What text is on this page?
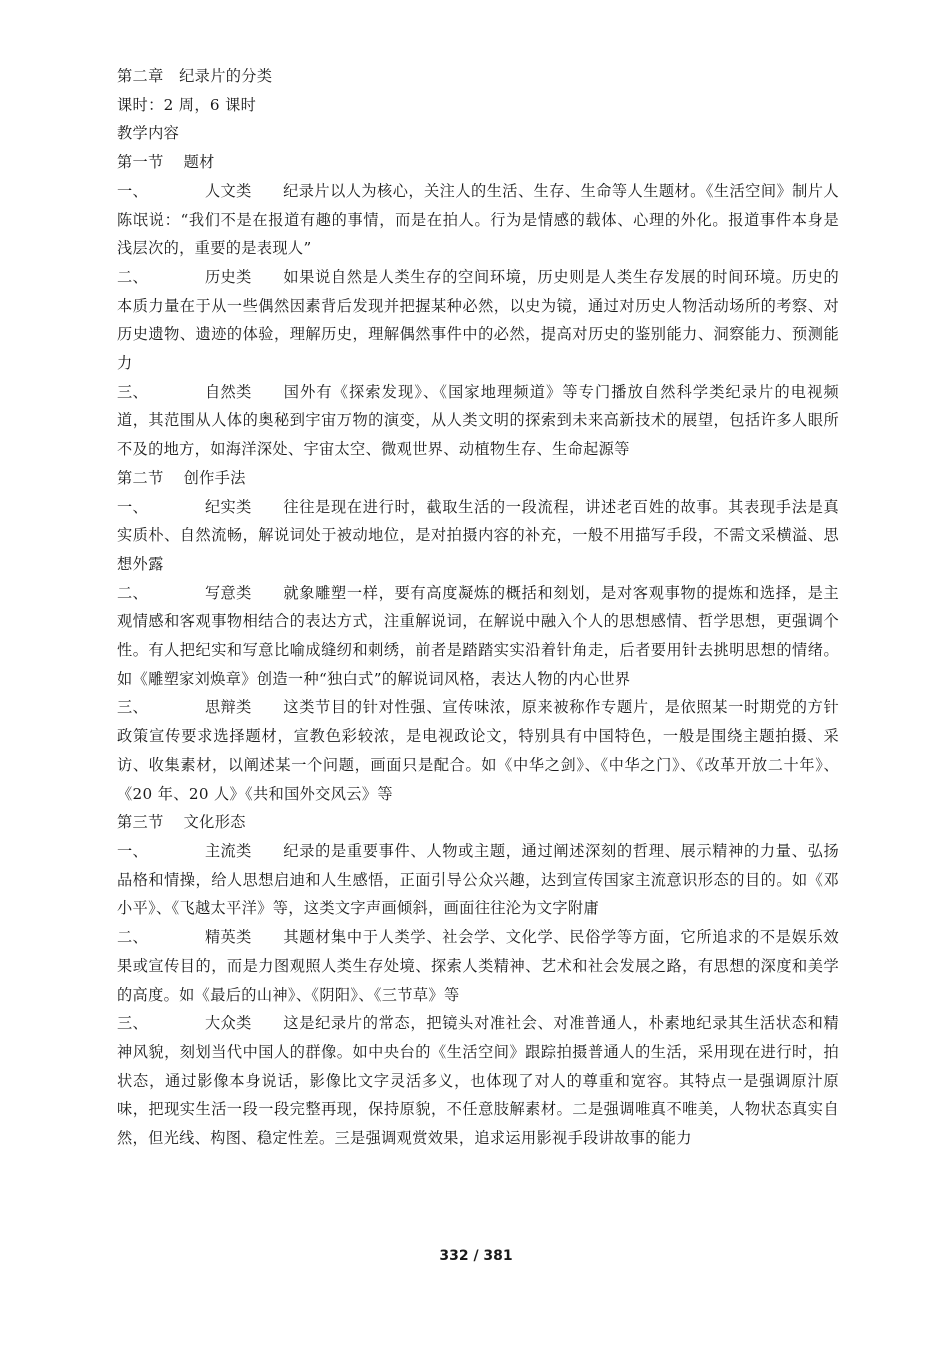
第二章　纪录片的分类

课时：2 周，6 课时

教学内容

第一节 题材

一、	人文类 纪录片以人为核心，关注人的生活、生存、生命等人生题材。《生活空间》制片人陈氓说：“我们不是在报道有趣的事情，而是在拍人。行为是情感的载体、心理的外化。报道事件本身是浅层次的，重要的是表现人”

二、	历史类 如果说自然是人类生存的空间环境，历史则是人类生存发展的时间环境。历史的本质力量在于从一些偶然因素背后发现并把握某种必然，以史为镜，通过对历史人物活动场所的考察、对历史遗物、遗迹的体验，理解历史，理解偶然事件中的必然，提高对历史的鉴别能力、洞察能力、预测能力

三、	自然类 国外有《探索发现》、《国家地理频道》等专门播放自然科学类纪录片的电视频道，其范围从人体的奥秘到宇宙万物的演变，从人类文明的探索到未来高新技术的展望，包括许多人眼所不及的地方，如海洋深处、宇宙太空、微观世界、动植物生存、生命起源等

第二节 创作手法

一、	纪实类 往往是现在进行时，截取生活的一段流程，讲述老百姓的故事。其表现手法是真实质朴、自然流畅，解说词处于被动地位，是对拍摄内容的补充，一般不用描写手段，不需文采横溢、思想外露

二、	写意类 就象雕塑一样，要有高度凝炼的概括和刻划，是对客观事物的提炼和选择，是主观情感和客观事物相结合的表达方式，注重解说词，在解说中融入个人的思想感情、哲学思想，更强调个性。有人把纪实和写意比喻成缝纫和刺绣，前者是踏踏实实沿着针角走，后者要用针去挑明思想的情绪。如《雕塑家刘焕章》创造一种“独白式”的解说词风格，表达人物的内心世界

三、	思辩类 这类节目的针对性强、宣传味浓，原来被称作专题片，是依照某一时期党的方针政策宣传要求选择题材，宣教色彩较浓，是电视政论文，特别具有中国特色，一般是围绕主题拍摄、采访、收集素材，以阐述某一个问题，画面只是配合。如《中华之剑》、《中华之门》、《改革开放二十年》、《20 年、20 人》《共和国外交风云》等

第三节 文化形态

一、	主流类 纪录的是重要事件、人物或主题，通过阐述深刻的哲理、展示精神的力量、弘扬品格和情操，给人思想启迪和人生感悟，正面引导公众兴趣，达到宣传国家主流意识形态的目的。如《邓小平》、《飞越太平洋》等，这类文字声画倾斜，画面往往沦为文字附庸

二、	精英类 其题材集中于人类学、社会学、文化学、民俗学等方面，它所追求的不是娱乐效果或宣传目的，而是力图观照人类生存处境、探索人类精神、艺术和社会发展之路，有思想的深度和美学的高度。如《最后的山神》、《阴阳》、《三节草》等

三、	大众类 这是纪录片的常态，把镜头对准社会、对准普通人，朴素地纪录其生活状态和精神风貌，刻划当代中国人的群像。如中央台的《生活空间》跟踪拍摄普通人的生活，采用现在进行时，拍状态，通过影像本身说话，影像比文字灵活多义，也体现了对人的尊重和宽容。其特点一是强调原汁原味，把现实生活一段一段完整再现，保持原貌，不任意肢解素材。二是强调唯真不唯美，人物状态真实自然，但光线、构图、稳定性差。三是强调观赏效果，追求运用影视手段讲故事的能力

332 / 381
